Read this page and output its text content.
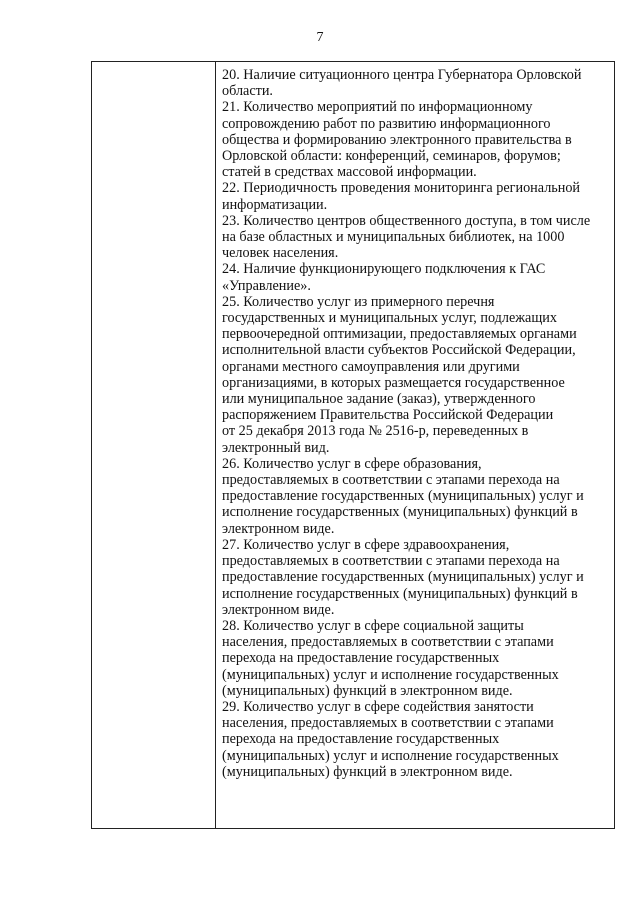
7

20. Наличие ситуационного центра Губернатора Орловской
области.

21. Количество мероприятий по информационному
сопровождению работ по развитию информационного
общества и формированию электронного правительства в
Орловской области: конференций, семинаров, форумов;
статей в средствах массовой информации.

22. Периодичность проведения мониторинга региональной
информатизации.

23. Количество центров общественного доступа, в том числе
на базе областных и муниципальных библиотек, на 1000
человек населения.

24. Наличие функционирующего подключения к ГАС
«Управление».

25. Количество услуг из примерного перечня
государственных и муниципальных услуг, подлежащих
первоочередной оптимизации, предоставляемых органами
исполнительной власти субъектов Российской Федерации,
органами местного самоуправления или другими
организациями, в которых размещается государственное
или муниципальное задание (заказ), утвержденного
распоряжением Правительства Российской Федерации
от 25 декабря 2013 года № 2516-р, переведенных в
электронный вид.

26. Количество услуг в сфере образования,
предоставляемых в соответствии с этапами перехода на
предоставление государственных (муниципальных) услуг и
исполнение государственных (муниципальных) функций в
электронном виде.

27. Количество услуг в сфере здравоохранения,
предоставляемых в соответствии с этапами перехода на
предоставление государственных (муниципальных) услуг и
исполнение государственных (муниципальных) функций в
электронном виде.

28. Количество услуг в сфере социальной защиты
населения, предоставляемых в соответствии с этапами
перехода на предоставление государственных
(муниципальных) услуг и исполнение государственных
(муниципальных) функций в электронном виде.

29. Количество услуг в сфере содействия занятости
населения, предоставляемых в соответствии с этапами
перехода на предоставление государственных
(муниципальных) услуг и исполнение государственных
(муниципальных) функций в электронном виде.
